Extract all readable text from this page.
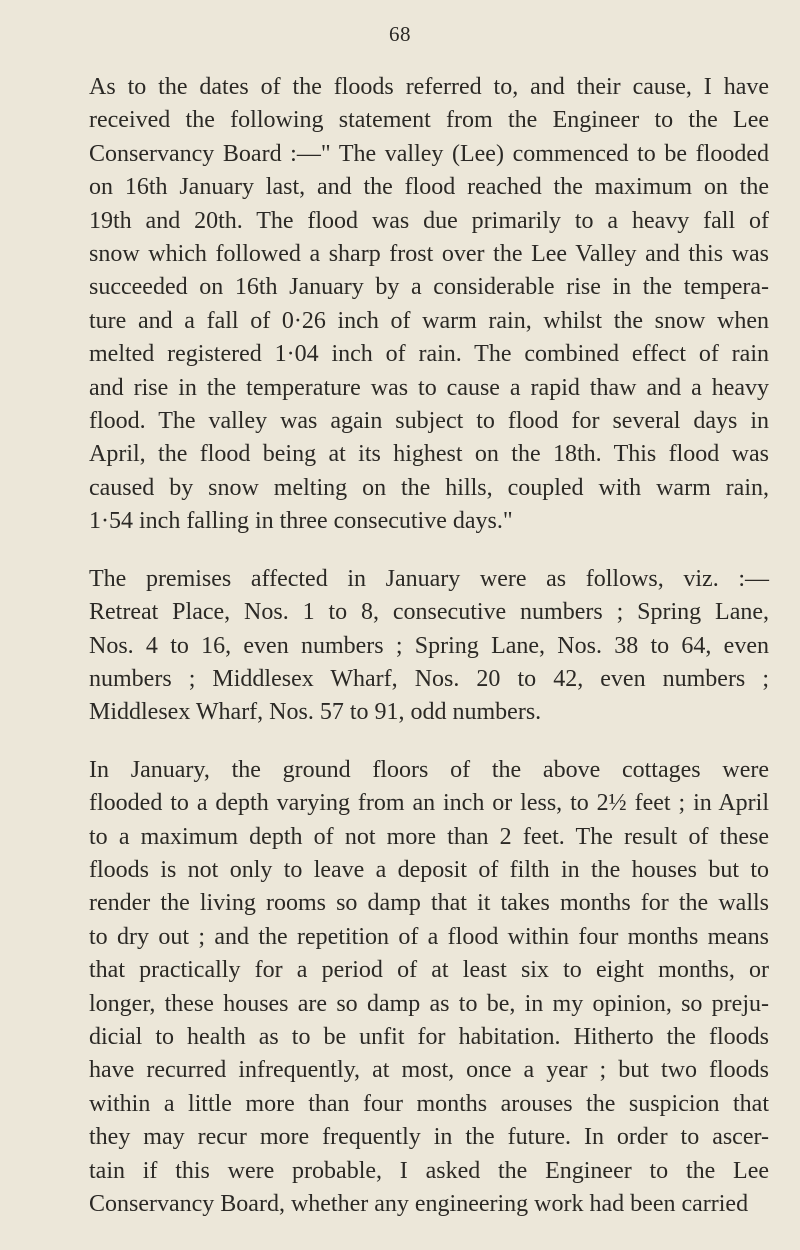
68

As to the dates of the floods referred to, and their cause, I have
received the following statement from the Engineer to the Lee
Conservancy Board :—" The valley (Lee) commenced to be flooded
on 16th January last, and the flood reached the maximum on the
19th and 20th. The flood was due primarily to a heavy fall of
snow which followed a sharp frost over the Lee Valley and this was
succeeded on 16th January by a considerable rise in the tempera-
ture and a fall of 0·26 inch of warm rain, whilst the snow when
melted registered 1·04 inch of rain. The combined effect of rain
and rise in the temperature was to cause a rapid thaw and a heavy
flood. The valley was again subject to flood for several days in
April, the flood being at its highest on the 18th. This flood was
caused by snow melting on the hills, coupled with warm rain,
1·54 inch falling in three consecutive days."

The premises affected in January were as follows, viz. :—
Retreat Place, Nos. 1 to 8, consecutive numbers ; Spring Lane,
Nos. 4 to 16, even numbers ; Spring Lane, Nos. 38 to 64, even
numbers ; Middlesex Wharf, Nos. 20 to 42, even numbers ;
Middlesex Wharf, Nos. 57 to 91, odd numbers.

In January, the ground floors of the above cottages were
flooded to a depth varying from an inch or less, to 2½ feet ; in April
to a maximum depth of not more than 2 feet. The result of these
floods is not only to leave a deposit of filth in the houses but to
render the living rooms so damp that it takes months for the walls
to dry out ; and the repetition of a flood within four months means
that practically for a period of at least six to eight months, or
longer, these houses are so damp as to be, in my opinion, so preju-
dicial to health as to be unfit for habitation. Hitherto the floods
have recurred infrequently, at most, once a year ; but two floods
within a little more than four months arouses the suspicion that
they may recur more frequently in the future. In order to ascer-
tain if this were probable, I asked the Engineer to the Lee
Conservancy Board, whether any engineering work had been carried
